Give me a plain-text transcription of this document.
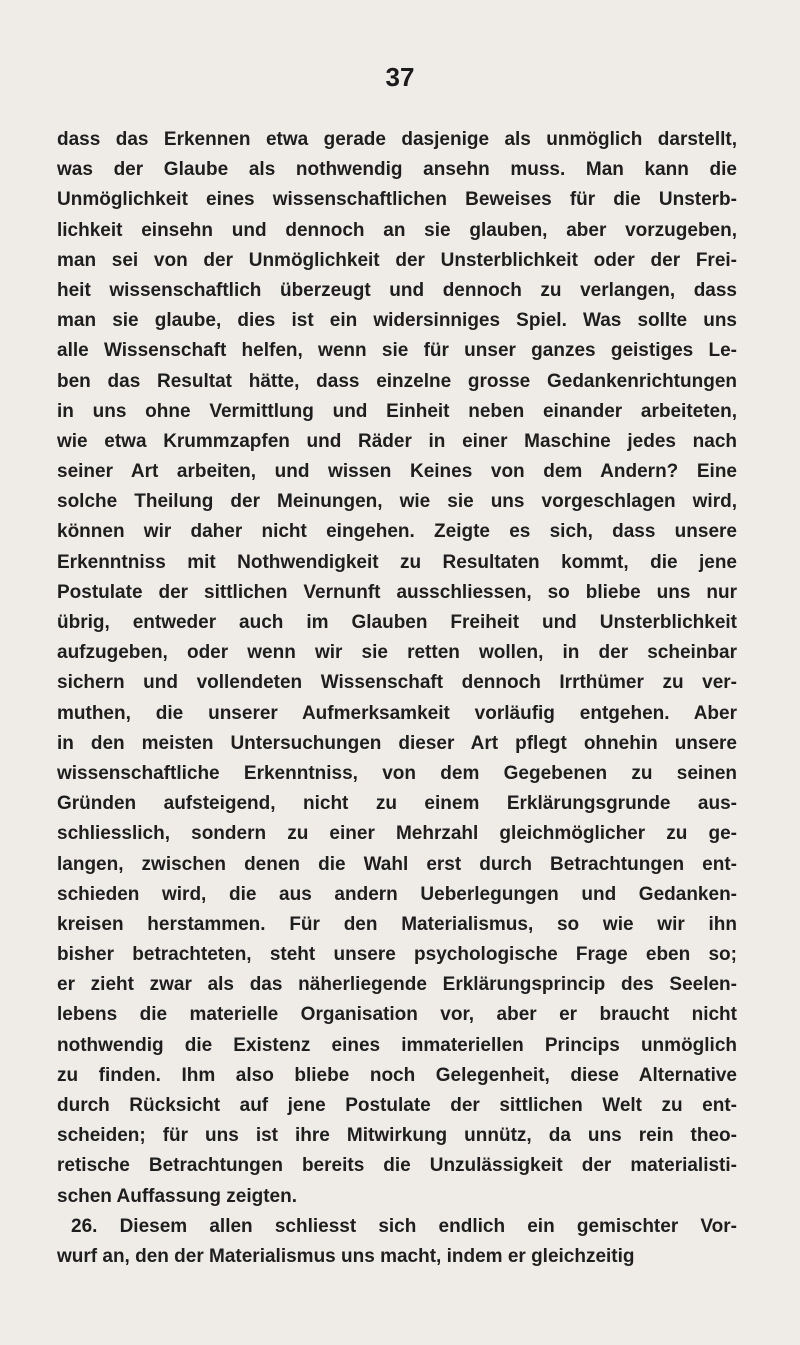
37
dass das Erkennen etwa gerade dasjenige als unmöglich darstellt,
was der Glaube als nothwendig ansehn muss. Man kann die
Unmöglichkeit eines wissenschaftlichen Beweises für die Unsterb-
lichkeit einsehn und dennoch an sie glauben, aber vorzugeben,
man sei von der Unmöglichkeit der Unsterblichkeit oder der Frei-
heit wissenschaftlich überzeugt und dennoch zu verlangen, dass
man sie glaube, dies ist ein widersinniges Spiel. Was sollte uns
alle Wissenschaft helfen, wenn sie für unser ganzes geistiges Le-
ben das Resultat hätte, dass einzelne grosse Gedankenrichtungen
in uns ohne Vermittlung und Einheit neben einander arbeiteten,
wie etwa Krummzapfen und Räder in einer Maschine jedes nach
seiner Art arbeiten, und wissen Keines von dem Andern? Eine
solche Theilung der Meinungen, wie sie uns vorgeschlagen wird,
können wir daher nicht eingehen. Zeigte es sich, dass unsere
Erkenntniss mit Nothwendigkeit zu Resultaten kommt, die jene
Postulate der sittlichen Vernunft ausschliessen, so bliebe uns nur
übrig, entweder auch im Glauben Freiheit und Unsterblichkeit
aufzugeben, oder wenn wir sie retten wollen, in der scheinbar
sichern und vollendeten Wissenschaft dennoch Irrthümer zu ver-
muthen, die unserer Aufmerksamkeit vorläufig entgehen. Aber
in den meisten Untersuchungen dieser Art pflegt ohnehin unsere
wissenschaftliche Erkenntniss, von dem Gegebenen zu seinen
Gründen aufsteigend, nicht zu einem Erklärungsgrunde aus-
schliesslich, sondern zu einer Mehrzahl gleichmöglicher zu ge-
langen, zwischen denen die Wahl erst durch Betrachtungen ent-
schieden wird, die aus andern Ueberlegungen und Gedanken-
kreisen herstammen. Für den Materialismus, so wie wir ihn
bisher betrachteten, steht unsere psychologische Frage eben so;
er zieht zwar als das näherliegende Erklärungsprincip des Seelen-
lebens die materielle Organisation vor, aber er braucht nicht
nothwendig die Existenz eines immateriellen Princips unmöglich
zu finden. Ihm also bliebe noch Gelegenheit, diese Alternative
durch Rücksicht auf jene Postulate der sittlichen Welt zu ent-
scheiden; für uns ist ihre Mitwirkung unnütz, da uns rein theo-
retische Betrachtungen bereits die Unzulässigkeit der materialisti-
schen Auffassung zeigten.
26. Diesem allen schliesst sich endlich ein gemischter Vor-
wurf an, den der Materialismus uns macht, indem er gleichzeitig
